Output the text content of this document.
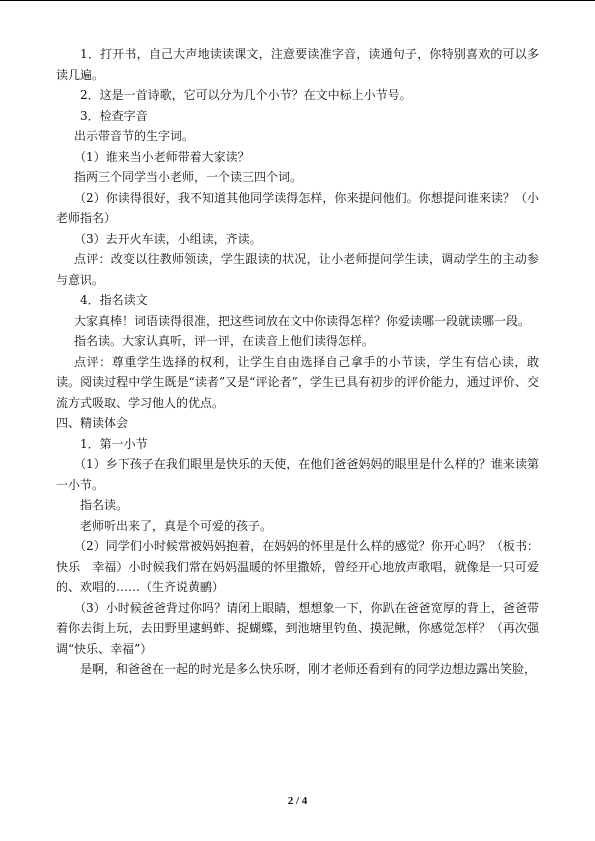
1．打开书，自己大声地读读课文，注意要读准字音，读通句子，你特别喜欢的可以多读几遍。

2．这是一首诗歌，它可以分为几个小节？在文中标上小节号。

3．检查字音

出示带音节的生字词。

（1）谁来当小老师带着大家读？

指两三个同学当小老师，一个读三四个词。

（2）你读得很好，我不知道其他同学读得怎样，你来提问他们。你想提问谁来读？（小老师指名）

（3）去开火车读，小组读，齐读。

点评：改变以往教师领读，学生跟读的状况，让小老师提问学生读，调动学生的主动参与意识。

4．指名读文

大家真棒！词语读得很准，把这些词放在文中你读得怎样？你爱读哪一段就读哪一段。

指名读。大家认真听，评一评，在读音上他们读得怎样。

点评：尊重学生选择的权利，让学生自由选择自己拿手的小节读，学生有信心读，敢读。阅读过程中学生既是“读者”又是“评论者”，学生已具有初步的评价能力，通过评价、交流方式吸取、学习他人的优点。

四、精读体会

1．第一小节

（1）乡下孩子在我们眼里是快乐的天使，在他们爸爸妈妈的眼里是什么样的？谁来读第一小节。

指名读。

老师听出来了，真是个可爱的孩子。

（2）同学们小时候常被妈妈抱着，在妈妈的怀里是什么样的感觉？你开心吗？（板书：快乐　幸福）小时候我们常在妈妈温暖的怀里撒娇，曾经开心地放声歌唱，就像是一只可爱的、欢唱的……（生齐说黄鹂）

（3）小时候爸爸背过你吗？请闭上眼睛，想想象一下，你趴在爸爸宽厚的背上，爸爸带着你去街上玩，去田野里逮蚂蚱、捉蝴蝶，到池塘里钓鱼、摸泥鳅，你感觉怎样？（再次强调“快乐、幸福”）

是啊，和爸爸在一起的时光是多么快乐呀，刚才老师还看到有的同学边想边露出笑脸，

2 / 4
